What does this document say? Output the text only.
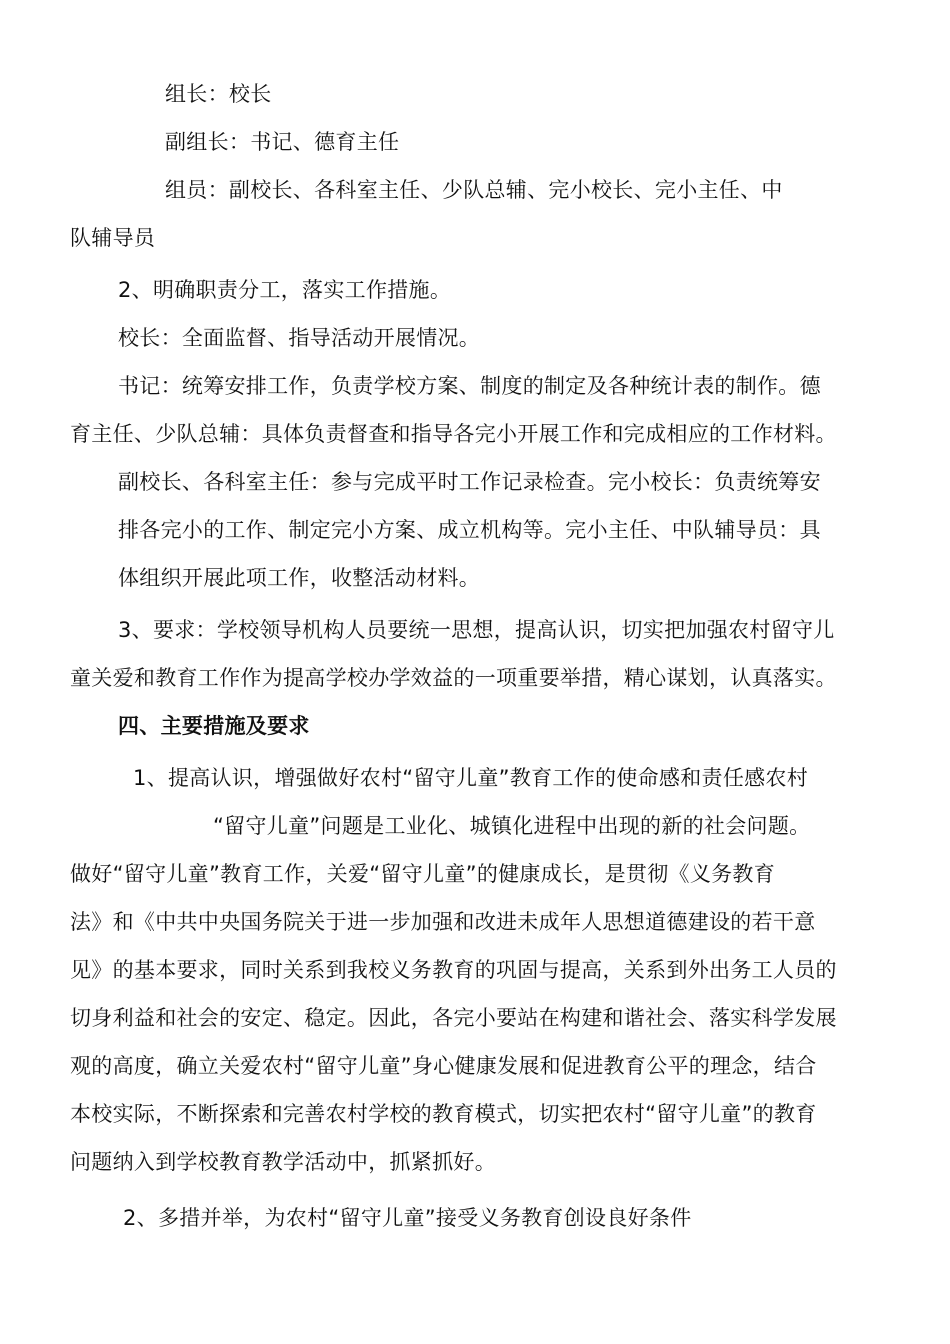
组长：校长
副组长：书记、德育主任
组员：副校长、各科室主任、少队总辅、完小校长、完小主任、中
队辅导员
2、明确职责分工，落实工作措施。
校长：全面监督、指导活动开展情况。
书记：统筹安排工作，负责学校方案、制度的制定及各种统计表的制作。德
育主任、少队总辅：具体负责督查和指导各完小开展工作和完成相应的工作材料。
副校长、各科室主任：参与完成平时工作记录检查。完小校长：负责统筹安
排各完小的工作、制定完小方案、成立机构等。完小主任、中队辅导员：具
体组织开展此项工作，收整活动材料。
3、要求：学校领导机构人员要统一思想，提高认识，切实把加强农村留守儿
童关爱和教育工作作为提高学校办学效益的一项重要举措，精心谋划，认真落实。
四、主要措施及要求
1、提高认识，增强做好农村“留守儿童”教育工作的使命感和责任感农村
“留守儿童”问题是工业化、城镇化进程中出现的新的社会问题。
做好“留守儿童”教育工作，关爱“留守儿童”的健康成长，是贯彻《义务教育
法》和《中共中央国务院关于进一步加强和改进未成年人思想道德建设的若干意
见》的基本要求，同时关系到我校义务教育的巩固与提高，关系到外出务工人员的
切身利益和社会的安定、稳定。因此，各完小要站在构建和谐社会、落实科学发展
观的高度，确立关爱农村“留守儿童”身心健康发展和促进教育公平的理念，结合
本校实际，不断探索和完善农村学校的教育模式，切实把农村“留守儿童”的教育
问题纳入到学校教育教学活动中，抓紧抓好。
2、多措并举，为农村“留守儿童”接受义务教育创设良好条件
